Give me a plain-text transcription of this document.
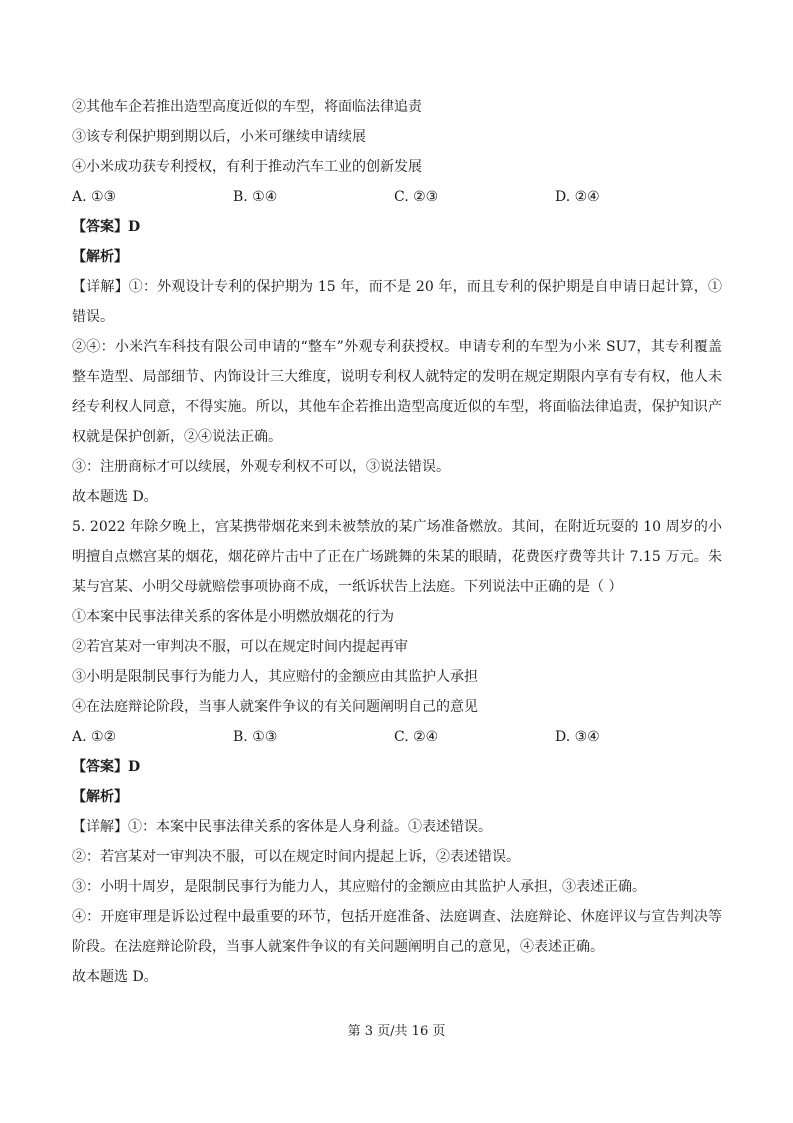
②其他车企若推出造型高度近似的车型，将面临法律追责
③该专利保护期到期以后，小米可继续申请续展
④小米成功获专利授权，有利于推动汽车工业的创新发展
A. ①③	B. ①④	C. ②③	D. ②④
【答案】D
【解析】
【详解】①：外观设计专利的保护期为 15 年，而不是 20 年，而且专利的保护期是自申请日起计算，①错误。
②④：小米汽车科技有限公司申请的“整车”外观专利获授权。申请专利的车型为小米 SU7，其专利覆盖整车造型、局部细节、内饰设计三大维度，说明专利权人就特定的发明在规定期限内享有专有权，他人未经专利权人同意，不得实施。所以，其他车企若推出造型高度近似的车型，将面临法律追责，保护知识产权就是保护创新，②④说法正确。
③：注册商标才可以续展，外观专利权不可以，③说法错误。
故本题选 D。
5. 2022 年除夕晚上，宫某携带烟花来到未被禁放的某广场准备燃放。其间，在附近玩耍的 10 周岁的小明擅自点燃宫某的烟花，烟花碎片击中了正在广场跳舞的朱某的眼睛，花费医疗费等共计 7.15 万元。朱某与宫某、小明父母就赔偿事项协商不成，一纸诉状告上法庭。下列说法中正确的是（ ）
①本案中民事法律关系的客体是小明燃放烟花的行为
②若宫某对一审判决不服，可以在规定时间内提起再审
③小明是限制民事行为能力人，其应赔付的金额应由其监护人承担
④在法庭辩论阶段，当事人就案件争议的有关问题阐明自己的意见
A. ①②	B. ①③	C. ②④	D. ③④
【答案】D
【解析】
【详解】①：本案中民事法律关系的客体是人身利益。①表述错误。
②：若宫某对一审判决不服，可以在规定时间内提起上诉，②表述错误。
③：小明十周岁，是限制民事行为能力人，其应赔付的金额应由其监护人承担，③表述正确。
④：开庭审理是诉讼过程中最重要的环节，包括开庭准备、法庭调查、法庭辩论、休庭评议与宣告判决等阶段。在法庭辩论阶段，当事人就案件争议的有关问题阐明自己的意见，④表述正确。
故本题选 D。
第 3 页/共 16 页
